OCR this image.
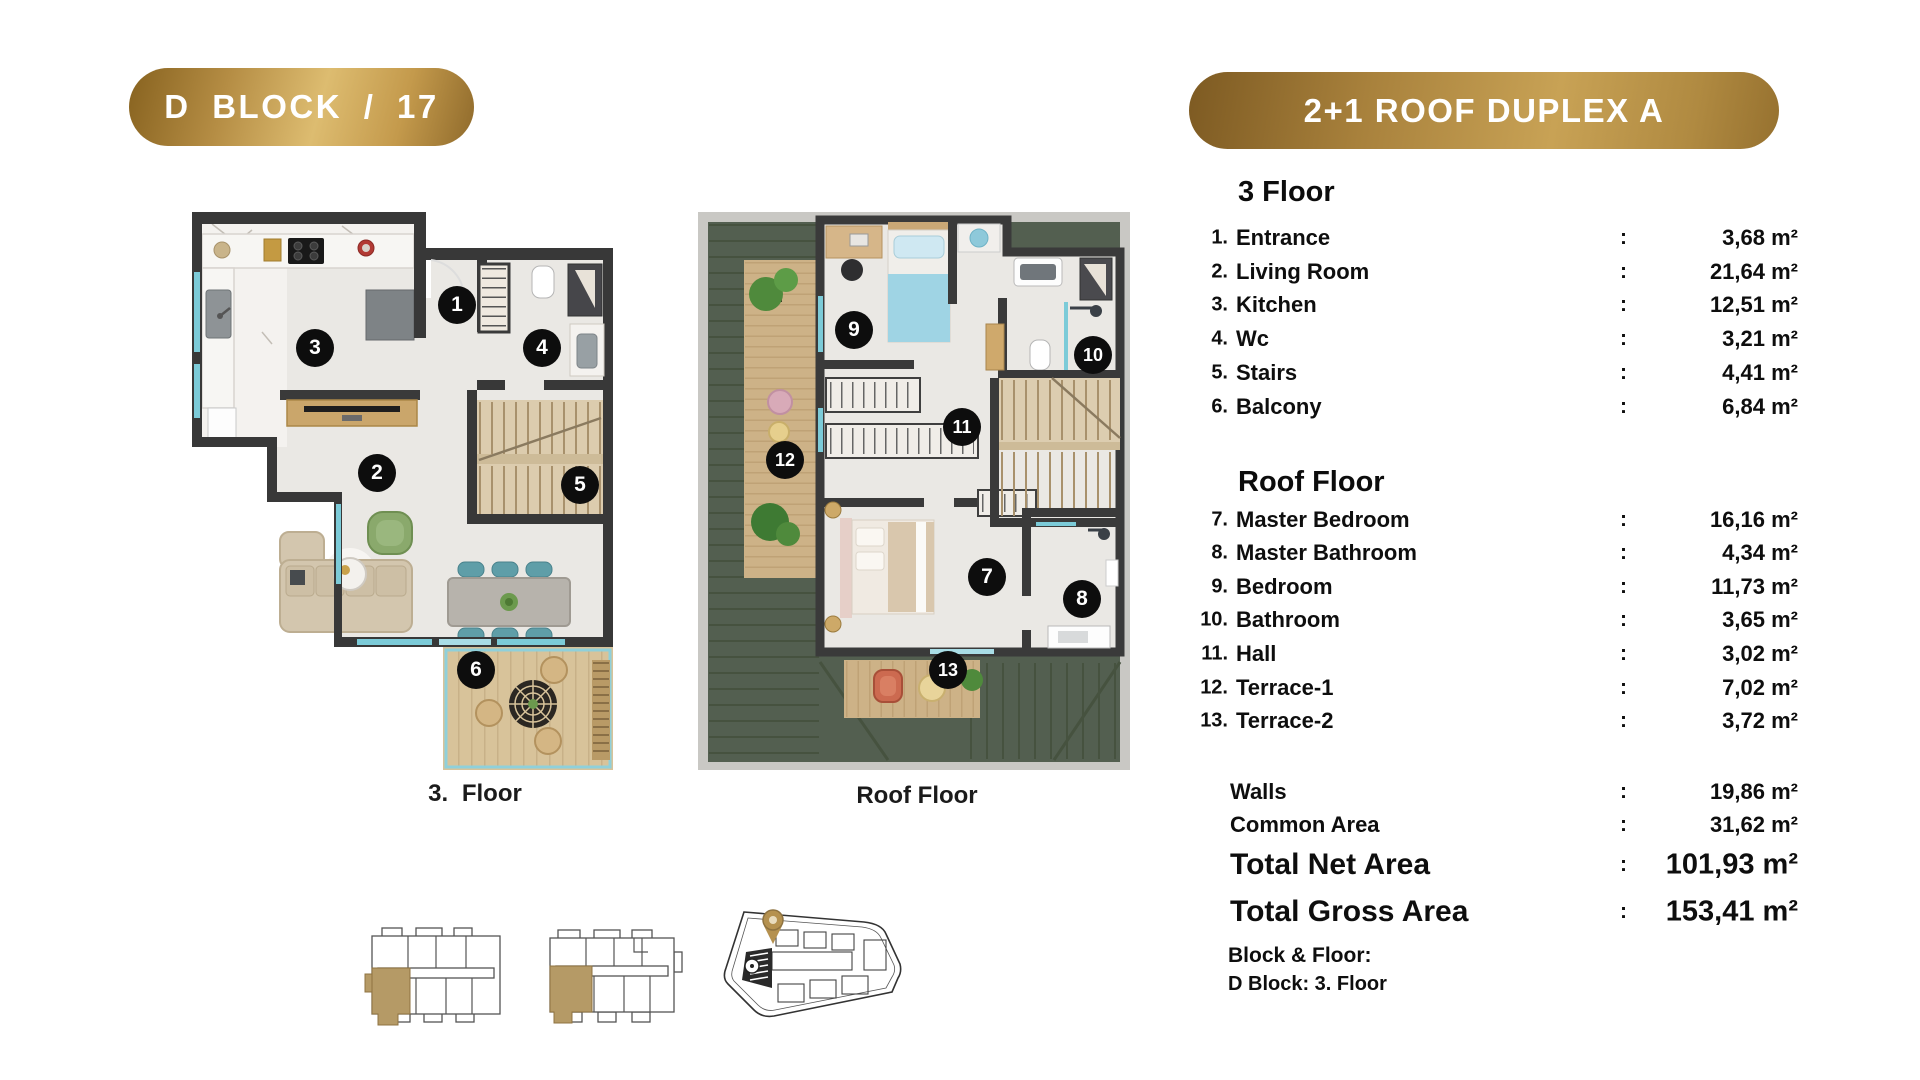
D BLOCK / 17	2+1 ROOF DUPLEX A
1
2
3	4
5
6
3. Floor
7
8
9
10
11
12
13
Roof Floor
3 Floor
1. Entrance	:	3,68 m²
2. Living Room	:	21,64 m²
3. Kitchen	:	12,51 m²
4. Wc	:	3,21 m²
5. Stairs	:	4,41 m²
6. Balcony	:	6,84 m²
Roof Floor
7. Master Bedroom	:	16,16 m²
8. Master Bathroom	:	4,34 m²
9. Bedroom	:	11,73 m²
10. Bathroom	:	3,65 m²
11. Hall	:	3,02 m²
12. Terrace-1	:	7,02 m²
13. Terrace-2	:	3,72 m²
Walls	:	19,86 m²
Common Area	:	31,62 m²
Total Net Area	: 101,93 m²
Total Gross Area	: 153,41 m²
Block & Floor:
D Block: 3. Floor
